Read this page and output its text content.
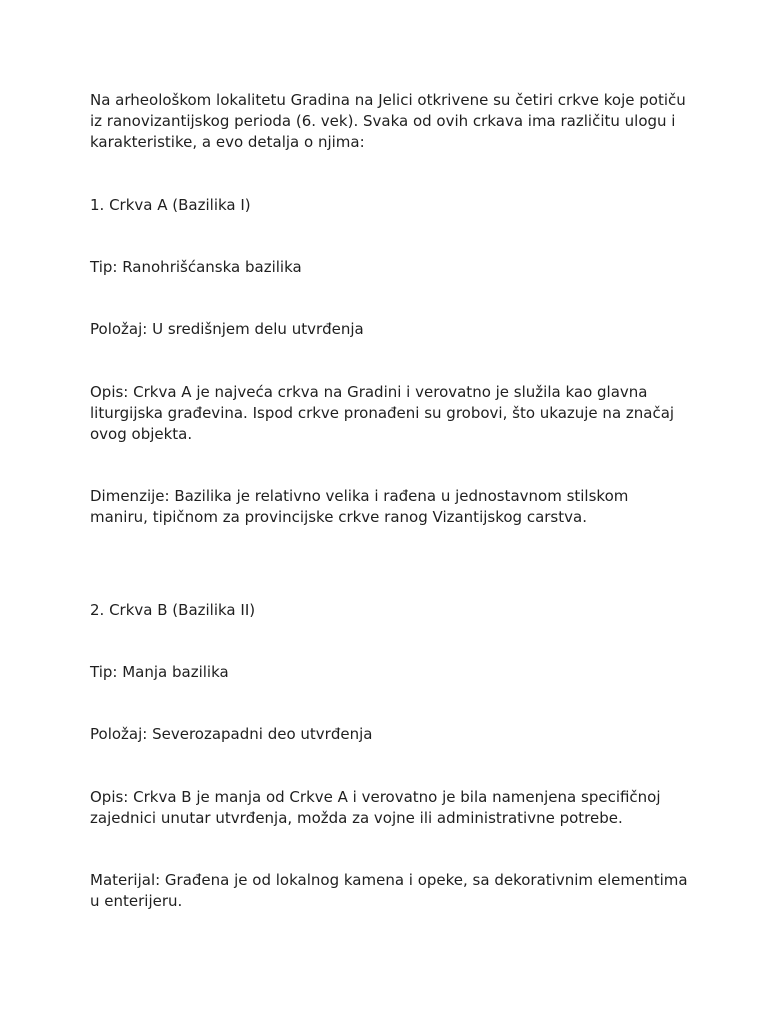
Na arheološkom lokalitetu Gradina na Jelici otkrivene su četiri crkve koje potiču iz ranovizantijskog perioda (6. vek). Svaka od ovih crkava ima različitu ulogu i karakteristike, a evo detalja o njima:

1. Crkva A (Bazilika I)

Tip: Ranohrišćanska bazilika

Položaj: U središnjem delu utvrđenja

Opis: Crkva A je najveća crkva na Gradini i verovatno je služila kao glavna liturgijska građevina. Ispod crkve pronađeni su grobovi, što ukazuje na značaj ovog objekta.

Dimenzije: Bazilika je relativno velika i rađena u jednostavnom stilskom maniru, tipičnom za provincijske crkve ranog Vizantijskog carstva.

2. Crkva B (Bazilika II)

Tip: Manja bazilika

Položaj: Severozapadni deo utvrđenja

Opis: Crkva B je manja od Crkve A i verovatno je bila namenjena specifičnoj zajednici unutar utvrđenja, možda za vojne ili administrativne potrebe.

Materijal: Građena je od lokalnog kamena i opeke, sa dekorativnim elementima u enterijeru.
